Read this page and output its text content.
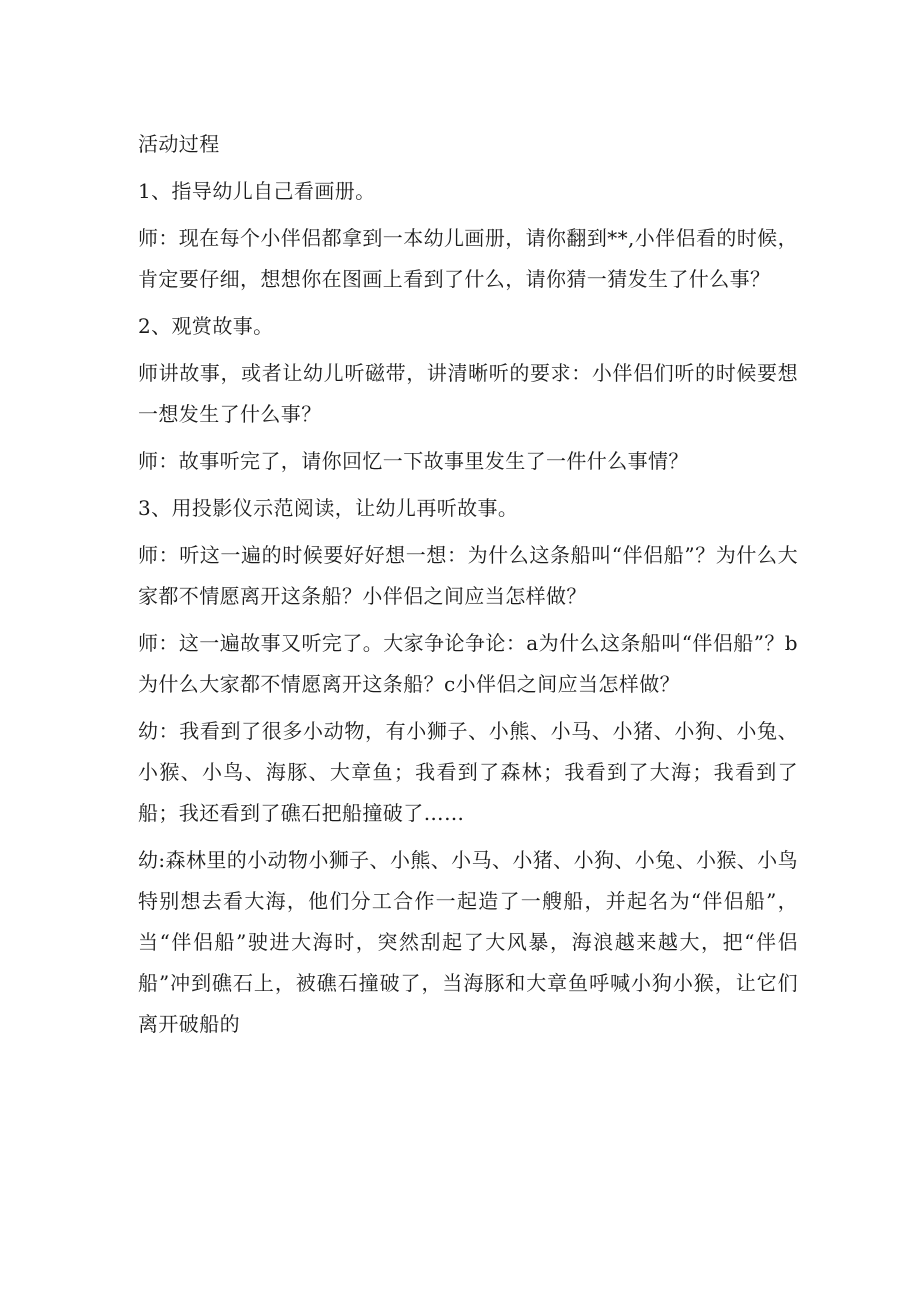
活动过程

1、指导幼儿自己看画册。

师：现在每个小伴侣都拿到一本幼儿画册，请你翻到**,小伴侣看的时候，肯定要仔细，想想你在图画上看到了什么，请你猜一猜发生了什么事？

2、观赏故事。

师讲故事，或者让幼儿听磁带，讲清晰听的要求：小伴侣们听的时候要想一想发生了什么事？

师：故事听完了，请你回忆一下故事里发生了一件什么事情？

3、用投影仪示范阅读，让幼儿再听故事。

师：听这一遍的时候要好好想一想：为什么这条船叫“伴侣船”？为什么大家都不情愿离开这条船？小伴侣之间应当怎样做？

师：这一遍故事又听完了。大家争论争论：a为什么这条船叫“伴侣船”？b为什么大家都不情愿离开这条船？c小伴侣之间应当怎样做？

幼：我看到了很多小动物，有小狮子、小熊、小马、小猪、小狗、小兔、小猴、小鸟、海豚、大章鱼；我看到了森林；我看到了大海；我看到了船；我还看到了礁石把船撞破了……

幼:森林里的小动物小狮子、小熊、小马、小猪、小狗、小兔、小猴、小鸟特别想去看大海，他们分工合作一起造了一艘船，并起名为“伴侣船”，当“伴侣船”驶进大海时，突然刮起了大风暴，海浪越来越大，把“伴侣船”冲到礁石上，被礁石撞破了，当海豚和大章鱼呼喊小狗小猴，让它们离开破船的
